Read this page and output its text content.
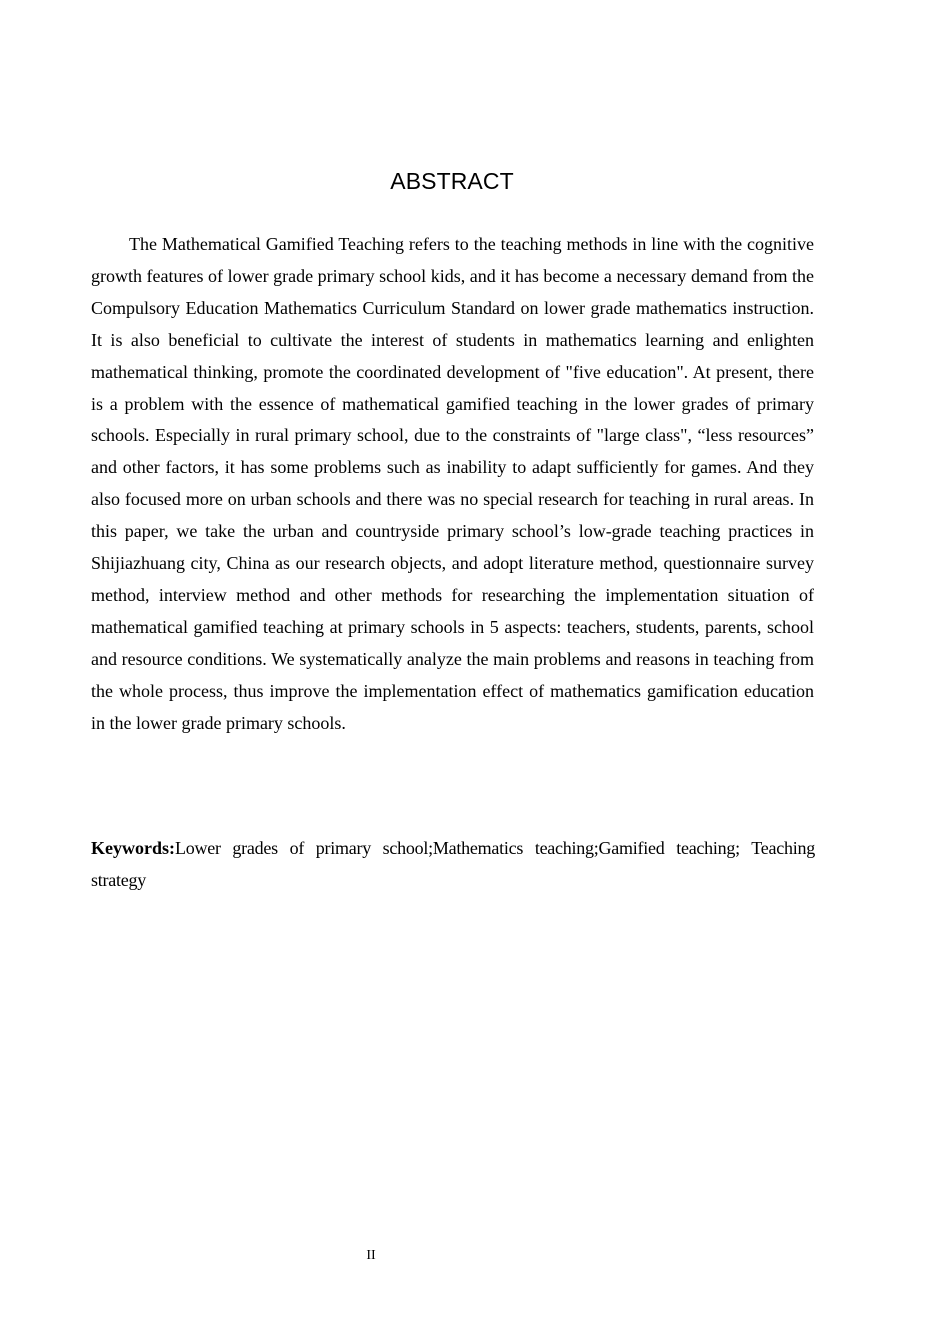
ABSTRACT

The Mathematical Gamified Teaching refers to the teaching methods in line with the cognitive growth features of lower grade primary school kids, and it has become a necessary demand from the Compulsory Education Mathematics Curriculum Standard on lower grade mathematics instruction. It is also beneficial to cultivate the interest of students in mathematics learning and enlighten mathematical thinking, promote the coordinated development of "five education". At present, there is a problem with the essence of mathematical gamified teaching in the lower grades of primary schools. Especially in rural primary school, due to the constraints of "large class", “less resources” and other factors, it has some problems such as inability to adapt sufficiently for games. And they also focused more on urban schools and there was no special research for teaching in rural areas. In this paper, we take the urban and countryside primary school’s low-grade teaching practices in Shijiazhuang city, China as our research objects, and adopt literature method, questionnaire survey method, interview method and other methods for researching the implementation situation of mathematical gamified teaching at primary schools in 5 aspects: teachers, students, parents, school and resource conditions. We systematically analyze the main problems and reasons in teaching from the whole process, thus improve the implementation effect of mathematics gamification education in the lower grade primary schools.

Keywords:Lower grades of primary school;Mathematics teaching;Gamified teaching; Teaching strategy

II
